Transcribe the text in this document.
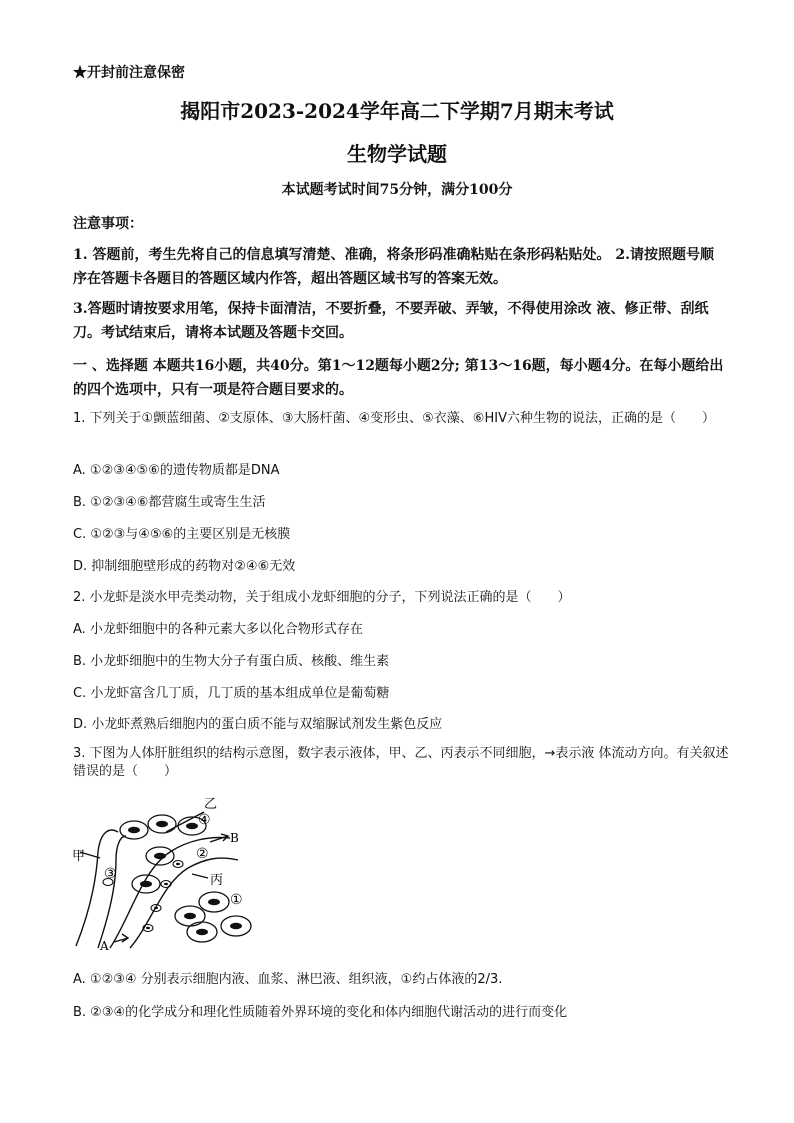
★开封前注意保密
揭阳市2023-2024学年高二下学期7月期末考试
生物学试题
本试题考试时间75分钟，满分100分
注意事项：
1. 答题前，考生先将自己的信息填写清楚、准确，将条形码准确粘贴在条形码粘贴处。 2.请按照题号顺序在答题卡各题目的答题区域内作答，超出答题区域书写的答案无效。
3.答题时请按要求用笔，保持卡面清洁，不要折叠，不要弄破、弄皱，不得使用涂改 液、修正带、刮纸刀。考试结束后，请将本试题及答题卡交回。
一 、选择题 本题共16小题，共40分。第1～12题每小题2分; 第13～16题，每小题4分。在每小题给出的四个选项中，只有一项是符合题目要求的。
1. 下列关于①颤蓝细菌、②支原体、③大肠杆菌、④变形虫、⑤衣藻、⑥HIV六种生物的说法，正确的是（　　）
A. ①②③④⑤⑥的遗传物质都是DNA
B. ①②③④⑥都营腐生或寄生生活
C. ①②③与④⑤⑥的主要区别是无核膜
D. 抑制细胞壁形成的药物对②④⑥无效
2. 小龙虾是淡水甲壳类动物，关于组成小龙虾细胞的分子，下列说法正确的是（　　）
A. 小龙虾细胞中的各种元素大多以化合物形式存在
B. 小龙虾细胞中的生物大分子有蛋白质、核酸、维生素
C. 小龙虾富含几丁质，几丁质的基本组成单位是葡萄糖
D. 小龙虾煮熟后细胞内的蛋白质不能与双缩脲试剂发生紫色反应
3. 下图为人体肝脏组织的结构示意图，数字表示液体，甲、乙、丙表示不同细胞，→表示液 体流动方向。有关叙述错误的是（　　）
甲
乙
丙
①
②
③
④
A
B
A. ①②③④ 分别表示细胞内液、血浆、淋巴液、组织液，①约占体液的2/3.
B. ②③④的化学成分和理化性质随着外界环境的变化和体内细胞代谢活动的进行而变化
